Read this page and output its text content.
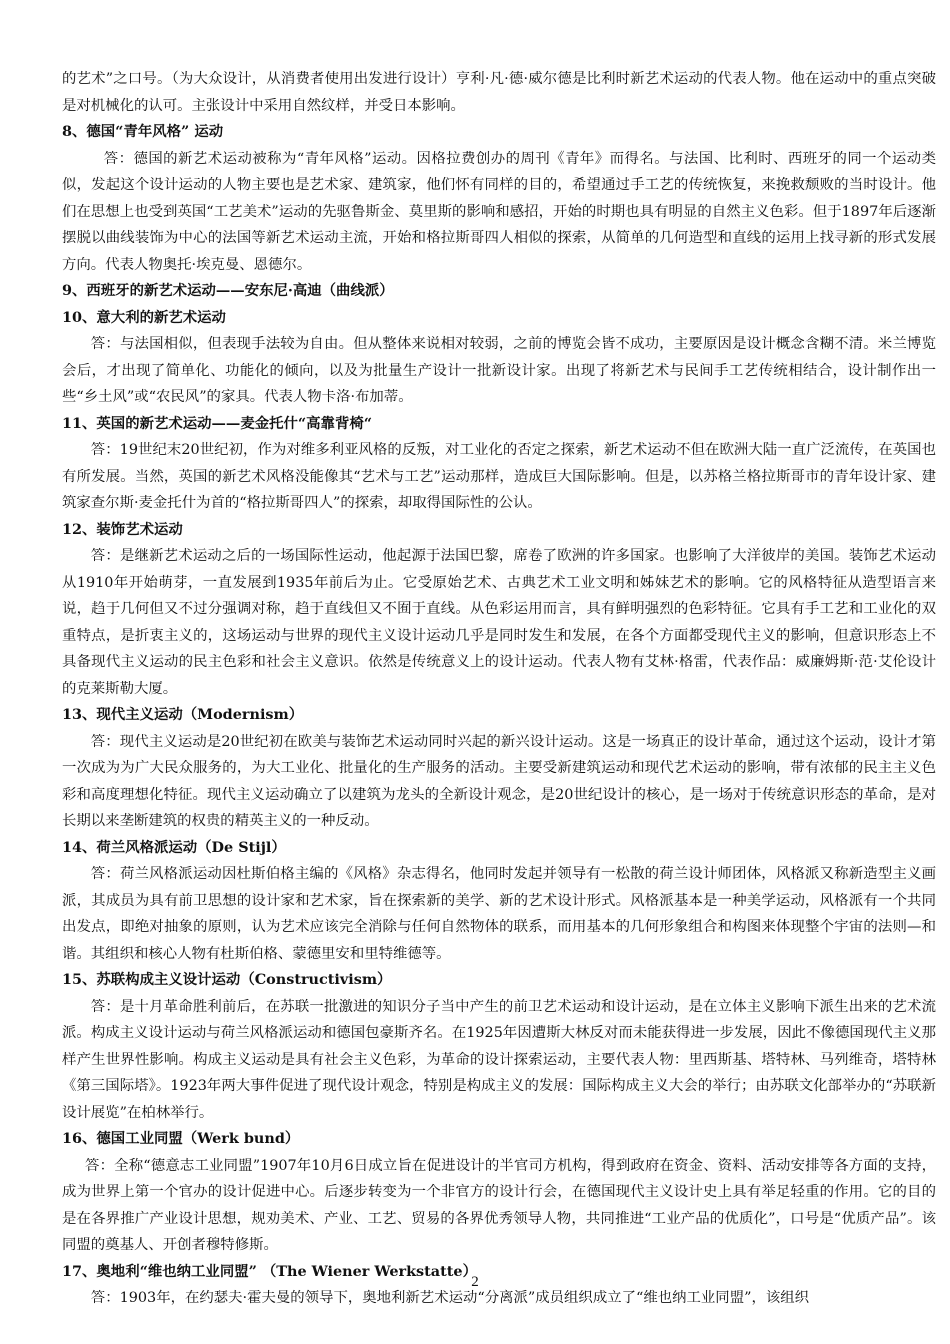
的艺术”之口号。（为大众设计，从消费者使用出发进行设计）亨利·凡·德·威尔德是比利时新艺术运动的代表人物。他在运动中的重点突破是对机械化的认可。主张设计中采用自然纹样，并受日本影响。

8、德国“青年风格” 运动

答：德国的新艺术运动被称为“青年风格”运动。因格拉费创办的周刊《青年》而得名。与法国、比利时、西班牙的同一个运动类似，发起这个设计运动的人物主要也是艺术家、建筑家，他们怀有同样的目的，希望通过手工艺的传统恢复，来挽救颓败的当时设计。他们在思想上也受到英国“工艺美术”运动的先驱鲁斯金、莫里斯的影响和感招，开始的时期也具有明显的自然主义色彩。但于1897年后逐渐摆脱以曲线装饰为中心的法国等新艺术运动主流，开始和格拉斯哥四人相似的探索，从简单的几何造型和直线的运用上找寻新的形式发展方向。代表人物奥托·埃克曼、恩德尔。

9、西班牙的新艺术运动——安东尼·高迪（曲线派）

10、意大利的新艺术运动

答：与法国相似，但表现手法较为自由。但从整体来说相对较弱，之前的博览会皆不成功，主要原因是设计概念含糊不清。米兰博览会后，才出现了简单化、功能化的倾向，以及为批量生产设计一批新设计家。出现了将新艺术与民间手工艺传统相结合，设计制作出一些“乡土风”或“农民风”的家具。代表人物卡洛·布加蒂。

11、英国的新艺术运动——麦金托什“高靠背椅“

答：19世纪末20世纪初，作为对维多利亚风格的反叛，对工业化的否定之探索，新艺术运动不但在欧洲大陆一直广泛流传，在英国也有所发展。当然，英国的新艺术风格没能像其“艺术与工艺”运动那样，造成巨大国际影响。但是，以苏格兰格拉斯哥市的青年设计家、建筑家查尔斯·麦金托什为首的“格拉斯哥四人”的探索，却取得国际性的公认。

12、装饰艺术运动

答：是继新艺术运动之后的一场国际性运动，他起源于法国巴黎，席卷了欧洲的许多国家。也影响了大洋彼岸的美国。装饰艺术运动从1910年开始萌芽，一直发展到1935年前后为止。它受原始艺术、古典艺术工业文明和姊妹艺术的影响。它的风格特征从造型语言来说，趋于几何但又不过分强调对称，趋于直线但又不囿于直线。从色彩运用而言，具有鲜明强烈的色彩特征。它具有手工艺和工业化的双重特点，是折衷主义的，这场运动与世界的现代主义设计运动几乎是同时发生和发展，在各个方面都受现代主义的影响，但意识形态上不具备现代主义运动的民主色彩和社会主义意识。依然是传统意义上的设计运动。代表人物有艾林·格雷，代表作品：威廉姆斯·范·艾伦设计的克莱斯勒大厦。

13、现代主义运动（Modernism）

答：现代主义运动是20世纪初在欧美与装饰艺术运动同时兴起的新兴设计运动。这是一场真正的设计革命，通过这个运动，设计才第一次成为为广大民众服务的，为大工业化、批量化的生产服务的活动。主要受新建筑运动和现代艺术运动的影响，带有浓郁的民主主义色彩和高度理想化特征。现代主义运动确立了以建筑为龙头的全新设计观念，是20世纪设计的核心，是一场对于传统意识形态的革命，是对长期以来垄断建筑的权贵的精英主义的一种反动。

14、荷兰风格派运动（De Stijl）

答：荷兰风格派运动因杜斯伯格主编的《风格》杂志得名，他同时发起并领导有一松散的荷兰设计师团体，风格派又称新造型主义画派，其成员为具有前卫思想的设计家和艺术家，旨在探索新的美学、新的艺术设计形式。风格派基本是一种美学运动，风格派有一个共同出发点，即绝对抽象的原则，认为艺术应该完全消除与任何自然物体的联系，而用基本的几何形象组合和构图来体现整个宇宙的法则—和谐。其组织和核心人物有杜斯伯格、蒙德里安和里特维德等。

15、苏联构成主义设计运动（Constructivism）

答：是十月革命胜利前后，在苏联一批激进的知识分子当中产生的前卫艺术运动和设计运动，是在立体主义影响下派生出来的艺术流派。构成主义设计运动与荷兰风格派运动和德国包豪斯齐名。在1925年因遭斯大林反对而未能获得进一步发展，因此不像德国现代主义那样产生世界性影响。构成主义运动是具有社会主义色彩，为革命的设计探索运动，主要代表人物：里西斯基、塔特林、马列维奇，塔特林《第三国际塔》。1923年两大事件促进了现代设计观念，特别是构成主义的发展：国际构成主义大会的举行；由苏联文化部举办的“苏联新设计展览”在柏林举行。

16、德国工业同盟（Werk bund）

答：全称“德意志工业同盟”1907年10月6日成立旨在促进设计的半官司方机构，得到政府在资金、资料、活动安排等各方面的支持，成为世界上第一个官办的设计促进中心。后逐步转变为一个非官方的设计行会，在德国现代主义设计史上具有举足轻重的作用。它的目的是在各界推广产业设计思想，规劝美术、产业、工艺、贸易的各界优秀领导人物，共同推进“工业产品的优质化”，口号是“优质产品”。该同盟的奠基人、开创者穆特修斯。

17、奥地利“维也纳工业同盟” （The Wiener Werkstatte）

答：1903年，在约瑟夫·霍夫曼的领导下，奥地利新艺术运动“分离派”成员组织成立了“维也纳工业同盟”，该组织

2
